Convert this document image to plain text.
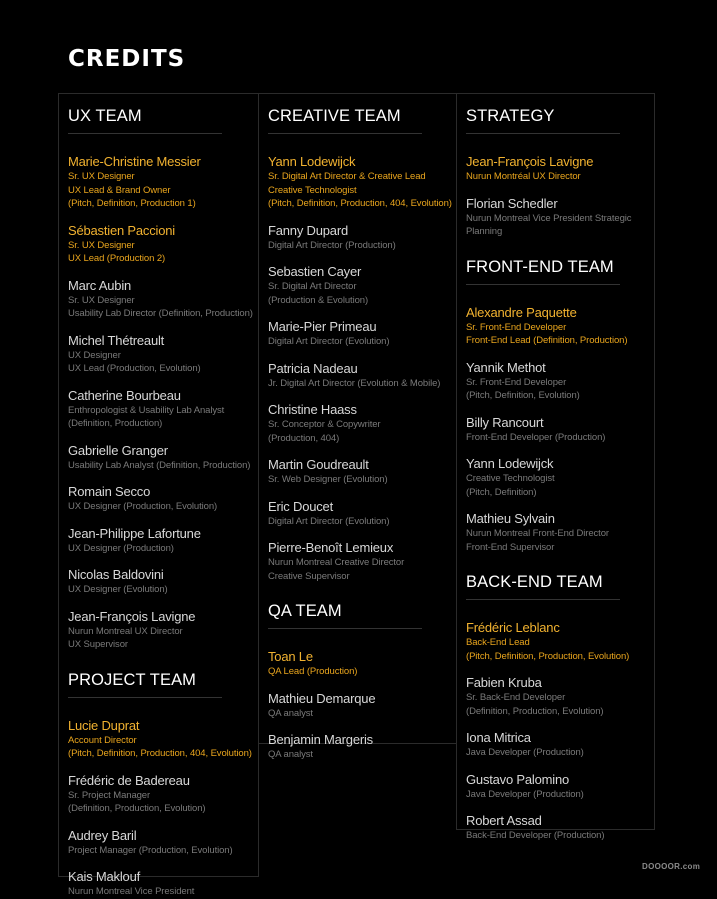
CREDITS
UX TEAM
Marie-Christine Messier
Sr. UX Designer
UX Lead & Brand Owner
(Pitch, Definition, Production 1)
Sébastien Paccioni
Sr. UX Designer
UX Lead (Production 2)
Marc Aubin
Sr. UX Designer
Usability Lab Director (Definition, Production)
Michel Thétreault
UX Designer
UX Lead (Production, Evolution)
Catherine Bourbeau
Enthropologist & Usability Lab Analyst
(Definition, Production)
Gabrielle Granger
Usability Lab Analyst (Definition, Production)
Romain Secco
UX Designer (Production, Evolution)
Jean-Philippe Lafortune
UX Designer (Production)
Nicolas Baldovini
UX Designer (Evolution)
Jean-François Lavigne
Nurun Montreal UX Director
UX Supervisor
PROJECT TEAM
Lucie Duprat
Account Director
(Pitch, Definition, Production, 404, Evolution)
Frédéric de Badereau
Sr. Project Manager
(Definition, Production, Evolution)
Audrey Baril
Project Manager (Production, Evolution)
Kais Maklouf
Nurun Montreal Vice President
CREATIVE TEAM
Yann Lodewijck
Sr. Digital Art Director & Creative Lead
Creative Technologist
(Pitch, Definition, Production, 404, Evolution)
Fanny Dupard
Digital Art Director (Production)
Sebastien Cayer
Sr. Digital Art Director
(Production & Evolution)
Marie-Pier Primeau
Digital Art Director (Evolution)
Patricia Nadeau
Jr. Digital Art Director (Evolution & Mobile)
Christine Haass
Sr. Conceptor & Copywriter
(Production, 404)
Martin Goudreault
Sr. Web Designer (Evolution)
Eric Doucet
Digital Art Director (Evolution)
Pierre-Benoît Lemieux
Nurun Montreal Creative Director
Creative Supervisor
QA TEAM
Toan Le
QA Lead (Production)
Mathieu Demarque
QA analyst
Benjamin Margeris
QA analyst
STRATEGY
Jean-François Lavigne
Nurun Montréal UX Director
Florian Schedler
Nurun Montreal Vice President Strategic
Planning
FRONT-END TEAM
Alexandre Paquette
Sr. Front-End Developer
Front-End Lead (Definition, Production)
Yannik Methot
Sr. Front-End Developer
(Pitch, Definition, Evolution)
Billy Rancourt
Front-End Developer (Production)
Yann Lodewijck
Creative Technologist
(Pitch, Definition)
Mathieu Sylvain
Nurun Montreal Front-End Director
Front-End Supervisor
BACK-END TEAM
Frédéric Leblanc
Back-End Lead
(Pitch, Definition, Production, Evolution)
Fabien Kruba
Sr. Back-End Developer
(Definition, Production, Evolution)
Iona Mitrica
Java Developer (Production)
Gustavo Palomino
Java Developer (Production)
Robert Assad
Back-End Developer (Production)
DOOOOR.com
